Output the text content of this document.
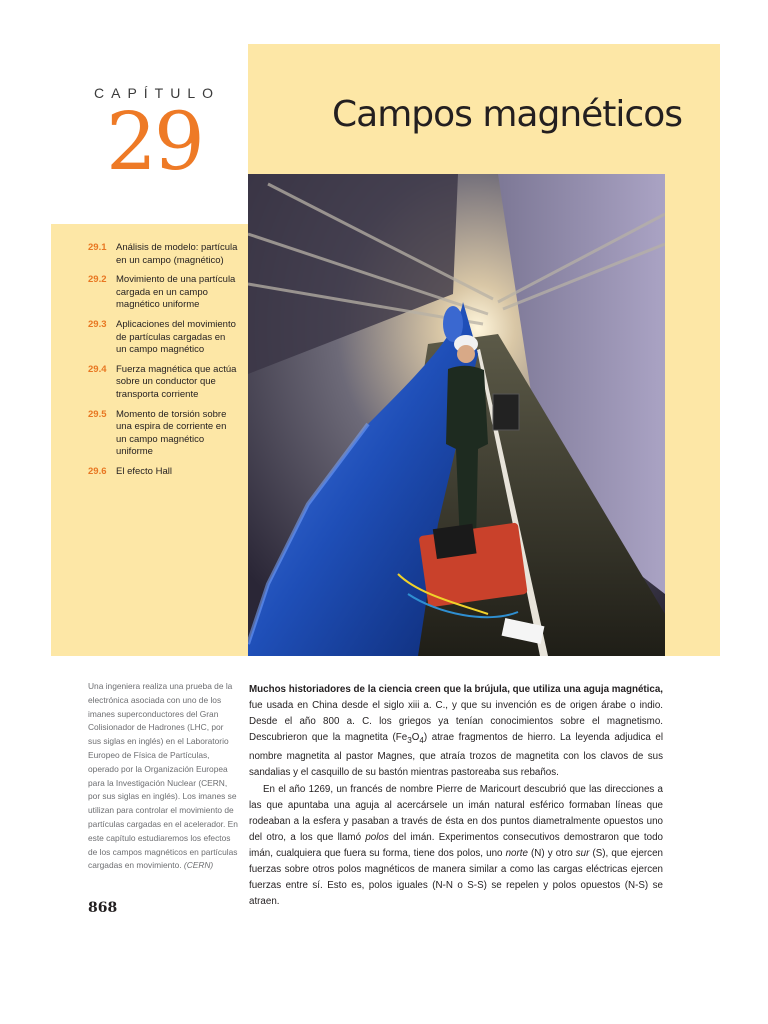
CAPÍTULO
29	Campos magnéticos
29.1	Análisis de modelo: partícula en un campo (magnético)
29.2	Movimiento de una partícula cargada en un campo magnético uniforme
29.3	Aplicaciones del movimiento de partículas cargadas en un campo magnético
29.4	Fuerza magnética que actúa sobre un conductor que transporta corriente
29.5	Momento de torsión sobre una espira de corriente en un campo magnético uniforme
29.6	El efecto Hall
Una ingeniera realiza una prueba de la electrónica asociada con uno de los imanes superconductores del Gran Colisionador de Hadrones (LHC, por sus siglas en inglés) en el Laboratorio Europeo de Física de Partículas, operado por la Organización Europea para la Investigación Nuclear (CERN, por sus siglas en inglés). Los imanes se utilizan para controlar el movimiento de partículas cargadas en el acelerador. En este capítulo estudiaremos los efectos de los campos magnéticos en partículas cargadas en movimiento. (CERN)
868

Muchos historiadores de la ciencia creen que la brújula, que utiliza una aguja magnética, fue usada en China desde el siglo xiii a. C., y que su invención es de origen árabe o indio. Desde el año 800 a. C. los griegos ya tenían conocimientos sobre el magnetismo. Descubrieron que la magnetita $(Fe_3O_4)$ atrae fragmentos de hierro. La leyenda adjudica el nombre magnetita al pastor Magnes, que atraía trozos de magnetita con los clavos de sus sandalias y el casquillo de su bastón mientras pastoreaba sus rebaños.

En el año 1269, un francés de nombre Pierre de Maricourt descubrió que las direcciones a las que apuntaba una aguja al acercársele un imán natural esférico formaban líneas que rodeaban a la esfera y pasaban a través de ésta en dos puntos diametralmente opuestos uno del otro, a los que llamó polos del imán. Experimentos consecutivos demostraron que todo imán, cualquiera que fuera su forma, tiene dos polos, uno norte (N) y otro sur (S), que ejercen fuerzas sobre otros polos magnéticos de manera similar a como las cargas eléctricas ejercen fuerzas entre sí. Esto es, polos iguales (N-N o S-S) se repelen y polos opuestos (N-S) se atraen.
